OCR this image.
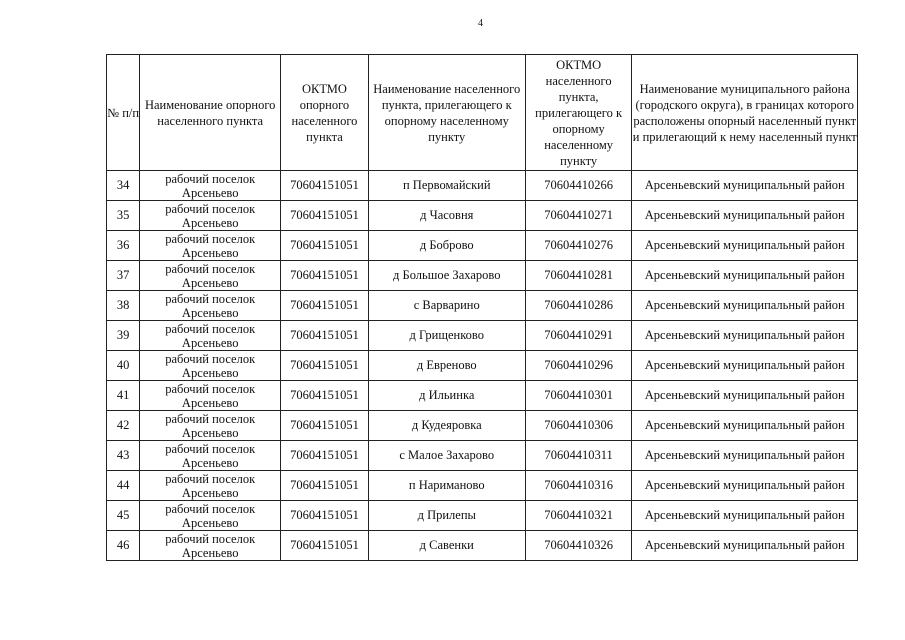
4
№ п/п	Наименование опорного населенного пункта	ОКТМО опорного населенного пункта	Наименование населенного пункта, прилегающего к опорному населенному пункту	ОКТМО населенного пункта, прилегающего к опорному населенному пункту	Наименование муниципального района (городского округа), в границах которого расположены опорный населенный пункт и прилегающий к нему населенный пункт
34	рабочий поселок Арсеньево	70604151051	п Первомайский	70604410266	Арсеньевский муниципальный район
35	рабочий поселок Арсеньево	70604151051	д Часовня	70604410271	Арсеньевский муниципальный район
36	рабочий поселок Арсеньево	70604151051	д Боброво	70604410276	Арсеньевский муниципальный район
37	рабочий поселок Арсеньево	70604151051	д Большое Захарово	70604410281	Арсеньевский муниципальный район
38	рабочий поселок Арсеньево	70604151051	с Варварино	70604410286	Арсеньевский муниципальный район
39	рабочий поселок Арсеньево	70604151051	д Грищенково	70604410291	Арсеньевский муниципальный район
40	рабочий поселок Арсеньево	70604151051	д Евреново	70604410296	Арсеньевский муниципальный район
41	рабочий поселок Арсеньево	70604151051	д Ильинка	70604410301	Арсеньевский муниципальный район
42	рабочий поселок Арсеньево	70604151051	д Кудеяровка	70604410306	Арсеньевский муниципальный район
43	рабочий поселок Арсеньево	70604151051	с Малое Захарово	70604410311	Арсеньевский муниципальный район
44	рабочий поселок Арсеньево	70604151051	п Нариманово	70604410316	Арсеньевский муниципальный район
45	рабочий поселок Арсеньево	70604151051	д Прилепы	70604410321	Арсеньевский муниципальный район
46	рабочий поселок Арсеньево	70604151051	д Савенки	70604410326	Арсеньевский муниципальный район
